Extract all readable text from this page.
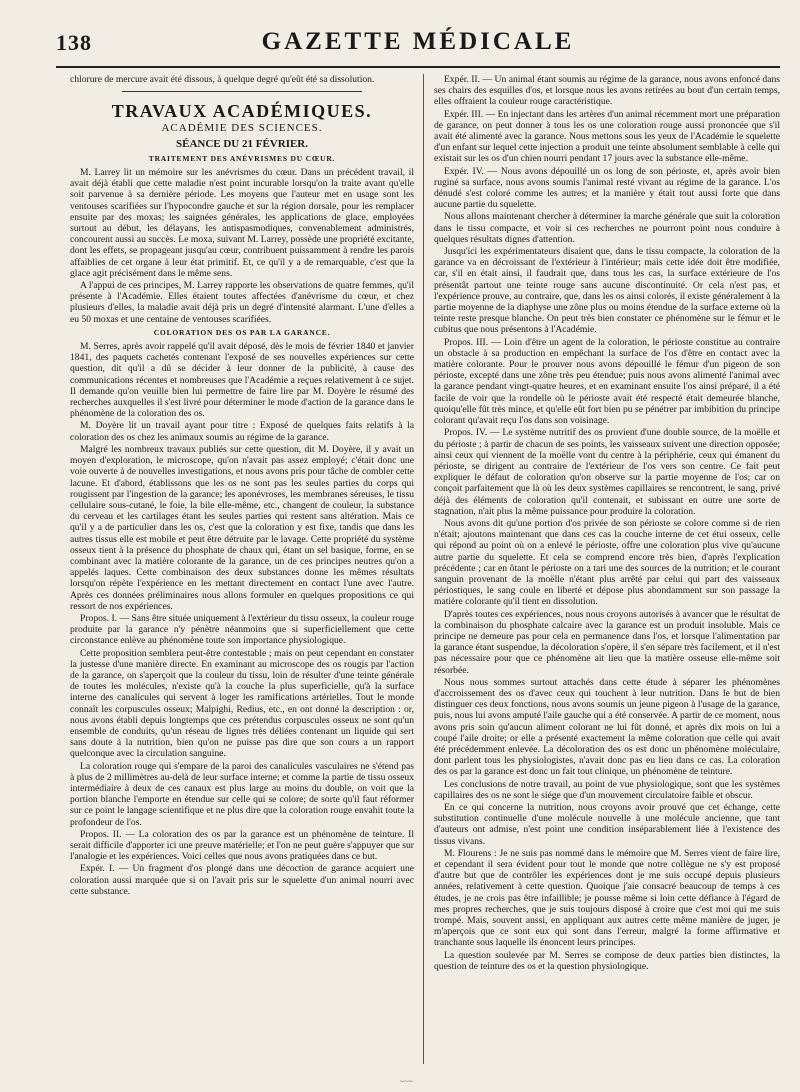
138	GAZETTE MÉDICALE

chlorure de mercure avait été dissous, à quelque degré qu'eût été sa dissolution.

TRAVAUX ACADÉMIQUES.
ACADÉMIE DES SCIENCES.
SÉANCE DU 21 FÉVRIER.
TRAITEMENT DES ANÉVRISMES DU CŒUR.

M. Larrey lit un mémoire sur les anévrismes du cœur. Dans un précédent travail, il avait déjà établi que cette maladie n'est point incurable lorsqu'on la traite avant qu'elle soit parvenue à sa dernière période. Les moyens que l'auteur met en usage sont les ventouses scarifiées sur l'hypocondre gauche et sur la région dorsale, pour les remplacer ensuite par des moxas; les saignées générales, les applications de glace, employées surtout au début, les délayans, les antispasmodiques, convenablement administrés, concourent aussi au succès. Le moxa, suivant M. Larrey, possède une propriété excitante, dont les effets, se propageant jusqu'au cœur, contribuent puissamment à rendre les parois affaiblies de cet organe à leur état primitif. Et, ce qu'il y a de remarquable, c'est que la glace agit précisément dans le même sens.

A l'appui de ces principes, M. Larrey rapporte les observations de quatre femmes, qu'il présente à l'Académie. Elles étaient toutes affectées d'anévrisme du cœur, et chez plusieurs d'elles, la maladie avait déjà pris un degré d'intensité alarmant. L'une d'elles a eu 50 moxas et une centaine de ventouses scarifiées.

COLORATION DES OS PAR LA GARANCE.

M. Serres, après avoir rappelé qu'il avait déposé, dès le mois de février 1840 et janvier 1841, des paquets cachetés contenant l'exposé de ses nouvelles expériences sur cette question, dit qu'il a dû se décider à leur donner de la publicité, à cause des communications récentes et nombreuses que l'Académie a reçues relativement à ce sujet. Il demande qu'on veuille bien lui permettre de faire lire par M. Doyère le résumé des recherches auxquelles il s'est livré pour déterminer le mode d'action de la garance dans le phénomène de la coloration des os.

M. Doyère lit un travail ayant pour titre : Exposé de quelques faits relatifs à la coloration des os chez les animaux soumis au régime de la garance.

Malgré les nombreux travaux publiés sur cette question, dit M. Doyère, il y avait un moyen d'exploration, le microscope, qu'on n'avait pas assez employé; c'était donc une voie ouverte à de nouvelles investigations, et nous avons pris pour tâche de combler cette lacune. Et d'abord, établissons que les os ne sont pas les seules parties du corps qui rougissent par l'ingestion de la garance; les aponévroses, les membranes séreuses, le tissu cellulaire sous-cutané, le foie, la bile elle-même, etc., changent de couleur, la substance du cerveau et les cartilages étant les seules parties qui restent sans altération. Mais ce qu'il y a de particulier dans les os, c'est que la coloration y est fixe, tandis que dans les autres tissus elle est mobile et peut être détruite par le lavage. Cette propriété du système osseux tient à la présence du phosphate de chaux qui, étant un sel basique, forme, en se combinant avec la matière colorante de la garance, un de ces principes neutres qu'on a appelés laques. Cette combinaison des deux substances donne les mêmes résultats lorsqu'on répète l'expérience en les mettant directement en contact l'une avec l'autre. Après ces données préliminaires nous allons formuler en quelques propositions ce qui ressort de nos expériences.

Propos. I. — Sans être située uniquement à l'extérieur du tissu osseux, la couleur rouge produite par la garance n'y pénètre néanmoins que si superficiellement que cette circonstance enlève au phénomène toute son importance physiologique.

Cette proposition semblera peut-être contestable ; mais on peut cependant en constater la justesse d'une manière directe. En examinant au microscope des os rougis par l'action de la garance, on s'aperçoit que la couleur du tissu, loin de résulter d'une teinte générale de toutes les molécules, n'existe qu'à la couche la plus superficielle, qu'à la surface interne des canalicules qui servent à loger les ramifications artérielles. Tout le monde connaît les corpuscules osseux; Malpighi, Redius, etc., en ont donné la description : or, nous avons établi depuis longtemps que ces prétendus corpuscules osseux ne sont qu'un ensemble de conduits, qu'un réseau de lignes très déliées contenant un liquide qui sert sans doute à la nutrition, bien qu'on ne puisse pas dire que son cours a un rapport quelconque avec la circulation sanguine.

La coloration rouge qui s'empare de la paroi des canalicules vasculaires ne s'étend pas à plus de 2 millimètres au-delà de leur surface interne; et comme la partie de tissu osseux intermédiaire à deux de ces canaux est plus large au moins du double, on voit que la portion blanche l'emporte en étendue sur celle qui se colore; de sorte qu'il faut réformer sur ce point le langage scientifique et ne plus dire que la coloration rouge envahit toute la profondeur de l'os.

Propos. II. — La coloration des os par la garance est un phénomène de teinture. Il serait difficile d'apporter ici une preuve matérielle; et l'on ne peut guère s'appuyer que sur l'analogie et les expériences. Voici celles que nous avons pratiquées dans ce but.

Expér. I. — Un fragment d'os plongé dans une décoction de garance acquiert une coloration aussi marquée que si on l'avait pris sur le squelette d'un animal nourri avec cette substance.

Expér. II. — Un animal étant soumis au régime de la garance, nous avons enfoncé dans ses chairs des esquilles d'os, et lorsque nous les avons retirées au bout d'un certain temps, elles offraient la couleur rouge caractéristique.

Expér. III. — En injectant dans les artères d'un animal récemment mort une préparation de garance, on peut donner à tous les os une coloration rouge aussi prononcée que s'il avait été alimenté avec la garance. Nous mettons sous les yeux de l'Académie le squelette d'un enfant sur lequel cette injection a produit une teinte absolument semblable à celle qui existait sur les os d'un chien nourri pendant 17 jours avec la substance elle-même.

Expér. IV. — Nous avons dépouillé un os long de son périoste, et, après avoir bien ruginé sa surface, nous avons soumis l'animal resté vivant au régime de la garance. L'os dénudé s'est coloré comme les autres; et la manière y était tout aussi forte que dans aucune partie du squelette.

Nous allons maintenant chercher à déterminer la marche générale que suit la coloration dans le tissu compacte, et voir si ces recherches ne pourront point nous conduire à quelques résultats dignes d'attention.

Jusqu'ici les expérimentateurs disaient que, dans le tissu compacte, la coloration de la garance va en décroissant de l'extérieur à l'intérieur; mais cette idée doit être modifiée, car, s'il en était ainsi, il faudrait que, dans tous les cas, la surface extérieure de l'os présentât partout une teinte rouge sans aucune discontinuité. Or cela n'est pas, et l'expérience prouve, au contraire, que, dans les os ainsi colorés, il existe généralement à la partie moyenne de la diaphyse une zône plus ou moins étendue de la surface externe où la teinte reste presque blanche. On peut très bien constater ce phénomène sur le fémur et le cubitus que nous présentons à l'Académie.

Propos. III. — Loin d'être un agent de la coloration, le périoste constitue au contraire un obstacle à sa production en empêchant la surface de l'os d'être en contact avec la matière colorante. Pour le prouver nous avons dépouillé le fémur d'un pigeon de son périoste, excepté dans une zône très peu étendue; puis nous avons alimenté l'animal avec la garance pendant vingt-quatre heures, et en examinant ensuite l'os ainsi préparé, il a été facile de voir que la rondelle où le périoste avait été respecté était demeurée blanche, quoiqu'elle fût très mince, et qu'elle eût fort bien pu se pénétrer par imbibition du principe colorant qu'avait reçu l'os dans son voisinage.

Propos. IV. — Le système nutritif des os provient d'une double source, de la moëlle et du périoste ; à partir de chacun de ses points, les vaisseaux suivent une direction opposée; ainsi ceux qui viennent de la moëlle vont du centre à la périphérie, ceux qui émanent du périoste, se dirigent au contraire de l'extérieur de l'os vers son centre. Ce fait peut expliquer le défaut de coloration qu'on observe sur la partie moyenne de l'os; car on conçoit parfaitement que là où les deux systèmes capillaires se rencontrent, le sang, privé déjà des éléments de coloration qu'il contenait, et subissant en outre une sorte de stagnation, n'ait plus la même puissance pour produire la coloration.

Nous avons dit qu'une portion d'os privée de son périoste se colore comme si de rien n'était; ajoutons maintenant que dans ces cas la couche interne de cet étui osseux, celle qui répond au point où on a enlevé le périoste, offre une coloration plus vive qu'aucune autre partie du squelette. Et cela se comprend encore très bien, d'après l'explication précédente ; car en ôtant le périoste on a tari une des sources de la nutrition; et le courant sanguin provenant de la moëlle n'étant plus arrêté par celui qui part des vaisseaux périostiques, le sang coule en liberté et dépose plus abondamment sur son passage la matière colorante qu'il tient en dissolution.

D'après toutes ces expériences, nous nous croyons autorisés à avancer que le résultat de la combinaison du phosphate calcaire avec la garance est un produit insoluble. Mais ce principe ne demeure pas pour cela en permanence dans l'os, et lorsque l'alimentation par la garance étant suspendue, la décoloration s'opère, il s'en sépare très facilement, et il n'est pas nécessaire pour que ce phénomène ait lieu que la matière osseuse elle-même soit résorbée.

Nous nous sommes surtout attachés dans cette étude à séparer les phénomènes d'accroissement des os d'avec ceux qui touchent à leur nutrition. Dans le but de bien distinguer ces deux fonctions, nous avons soumis un jeune pigeon à l'usage de la garance, puis, nous lui avons amputé l'aile gauche qui a été conservée. A partir de ce moment, nous avons pris soin qu'aucun aliment colorant ne lui fût donné, et après dix mois on lui a coupé l'aile droite; or elle a présenté exactement la même coloration que celle qui avait été précédemment enlevée. La décoloration des os est donc un phénomène moléculaire, dont parlent tous les physiologistes, n'avait donc pas eu lieu dans ce cas. La coloration des os par la garance est donc un fait tout clinique, un phénomène de teinture.

Les conclusions de notre travail, au point de vue physiologique, sont que les systèmes capillaires des os ne sont le siége que d'un mouvement circulatoire faible et obscur.

En ce qui concerne la nutrition, nous croyons avoir prouvé que cet échange, cette substitution continuelle d'une molécule nouvelle à une molécule ancienne, que tant d'auteurs ont admise, n'est point une condition inséparablement liée à l'existence des tissus vivans.

M. Flourens : Je ne suis pas nommé dans le mémoire que M. Serres vient de faire lire, et cependant il sera évident pour tout le monde que notre collègue ne s'y est proposé d'autre but que de contrôler les expériences dont je me suis occupé depuis plusieurs années, relativement à cette question. Quoique j'aie consacré beaucoup de temps à ces études, je ne crois pas être infaillible; je pousse même si loin cette défiance à l'égard de mes propres recherches, que je suis toujours disposé à croire que c'est moi qui me suis trompé. Mais, souvent aussi, en appliquant aux autres cette même manière de juger, je m'aperçois que ce sont eux qui sont dans l'erreur, malgré la forme affirmative et tranchante sous laquelle ils énoncent leurs principes.

La question soulevée par M. Serres se compose de deux parties bien distinctes, la question de teinture des os et la question physiologique.

~~~
